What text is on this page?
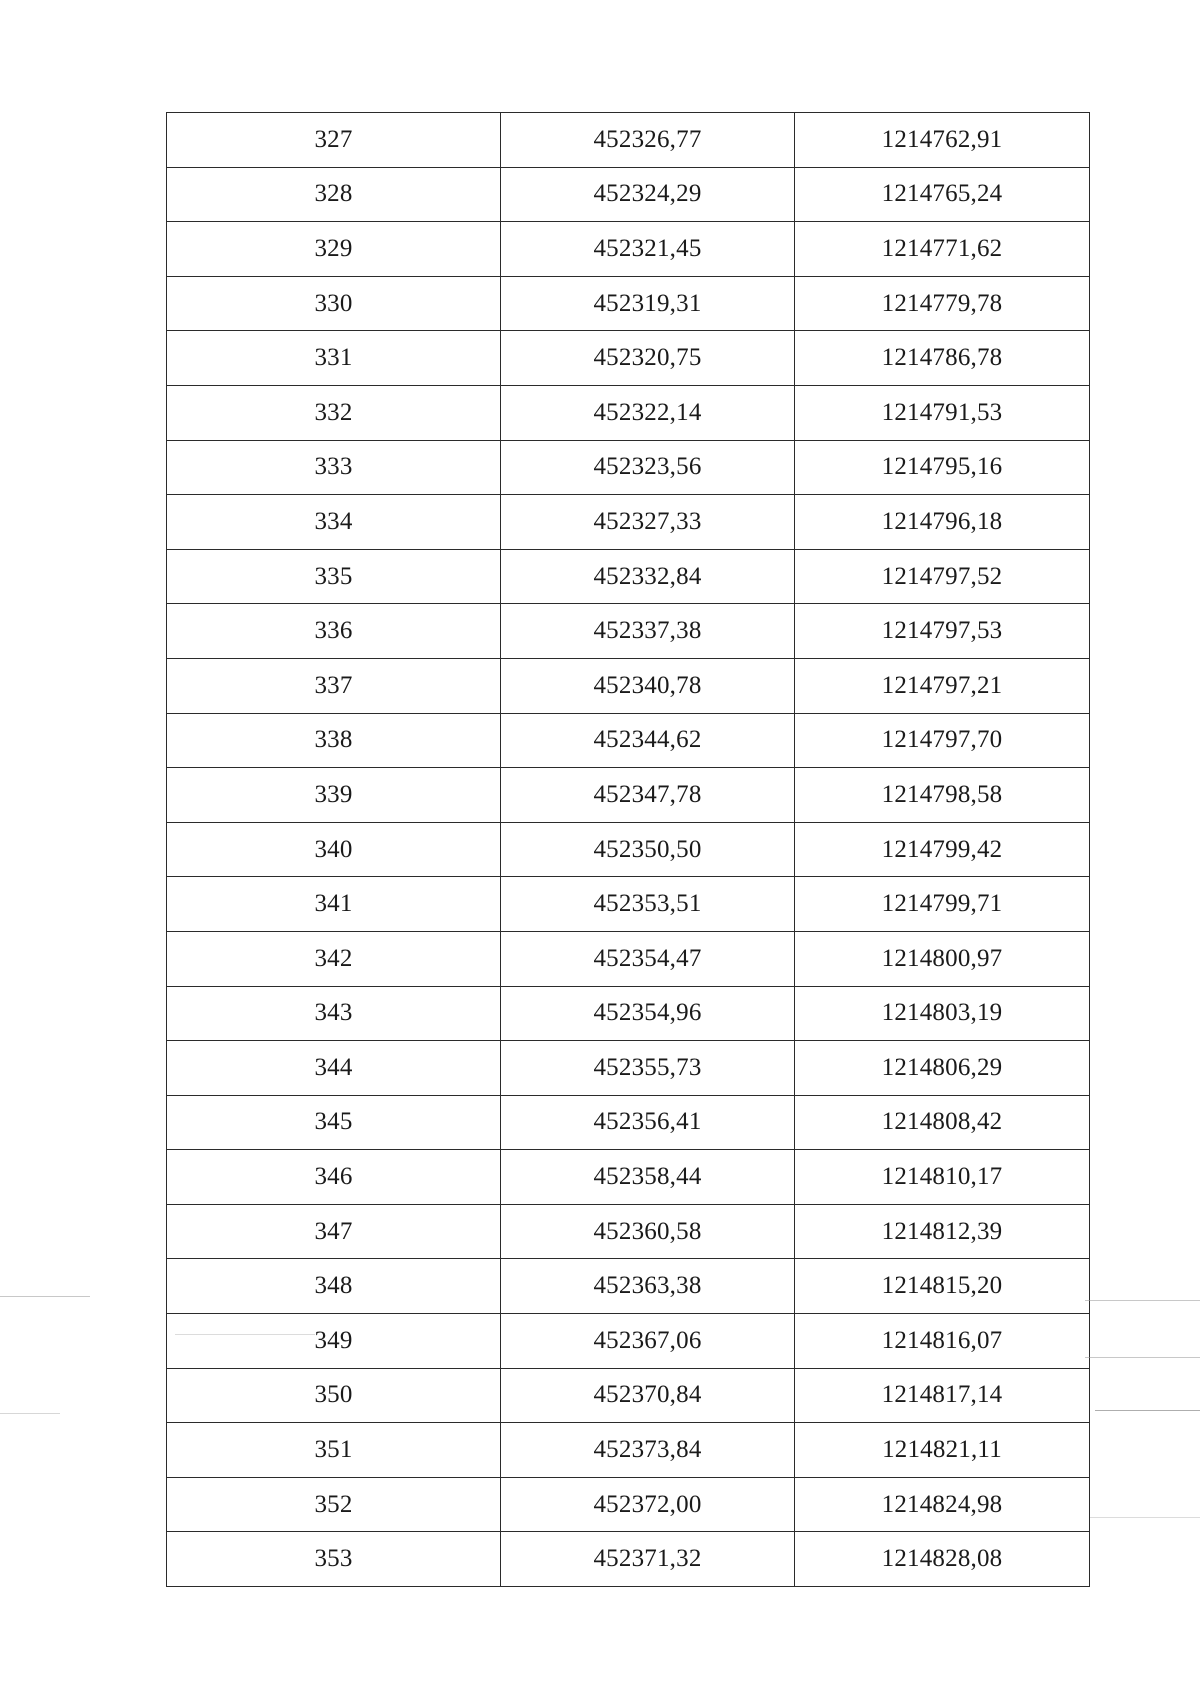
327	452326,77	1214762,91
328	452324,29	1214765,24
329	452321,45	1214771,62
330	452319,31	1214779,78
331	452320,75	1214786,78
332	452322,14	1214791,53
333	452323,56	1214795,16
334	452327,33	1214796,18
335	452332,84	1214797,52
336	452337,38	1214797,53
337	452340,78	1214797,21
338	452344,62	1214797,70
339	452347,78	1214798,58
340	452350,50	1214799,42
341	452353,51	1214799,71
342	452354,47	1214800,97
343	452354,96	1214803,19
344	452355,73	1214806,29
345	452356,41	1214808,42
346	452358,44	1214810,17
347	452360,58	1214812,39
348	452363,38	1214815,20
349	452367,06	1214816,07
350	452370,84	1214817,14
351	452373,84	1214821,11
352	452372,00	1214824,98
353	452371,32	1214828,08
